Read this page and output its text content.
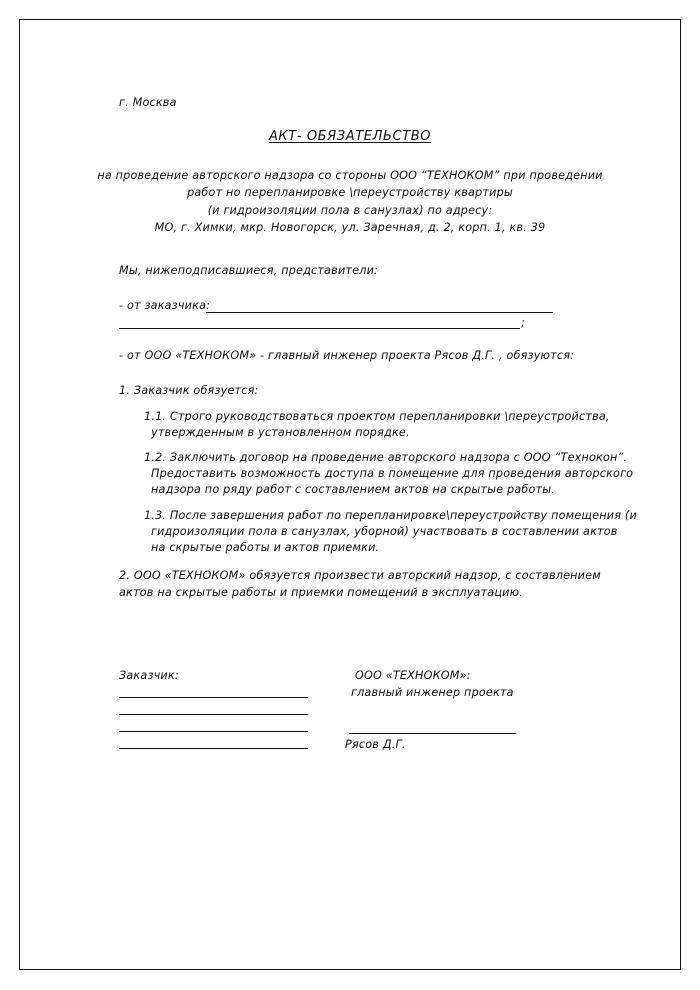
г. Москва
АКТ- ОБЯЗАТЕЛЬСТВО
на проведение авторского надзора со стороны ООО “ТЕХНОКОМ” при проведении
работ но перепланировке \переустройству квартиры
(и гидроизоляции пола в санузлах) по адресу:
МО, г. Химки, мкр. Новогорск, ул. Заречная, д. 2, корп. 1, кв. 39
Мы, нижеподписавшиеся, представители:
- от заказчика:
;
- от ООО «ТЕХНОКОМ» - главный инженер проекта Рясов Д.Г. , обязуются:
1. Заказчик обязуется:
1.1. Строго руководствоваться проектом перепланировки \переустройства,
утвержденным в установленном порядке.
1.2. Заключить договор на проведение авторского надзора с ООО “Технокон”.
Предоставить возможность доступа в помещение для проведения авторского
надзора по ряду работ с составлением актов на скрытые работы.
1.3. После завершения работ по перепланировке\переустройству помещения (и
гидроизоляции пола в санузлах, уборной) участвовать в составлении актов
на скрытые работы и актов приемки.
2. ООО «ТЕХНОКОМ» обязуется произвести авторский надзор, с составлением
актов на скрытые работы и приемки помещений в эксплуатацию.
Заказчик:	ООО «ТЕХНОКОМ»:
главный инженер проекта
Рясов Д.Г.
